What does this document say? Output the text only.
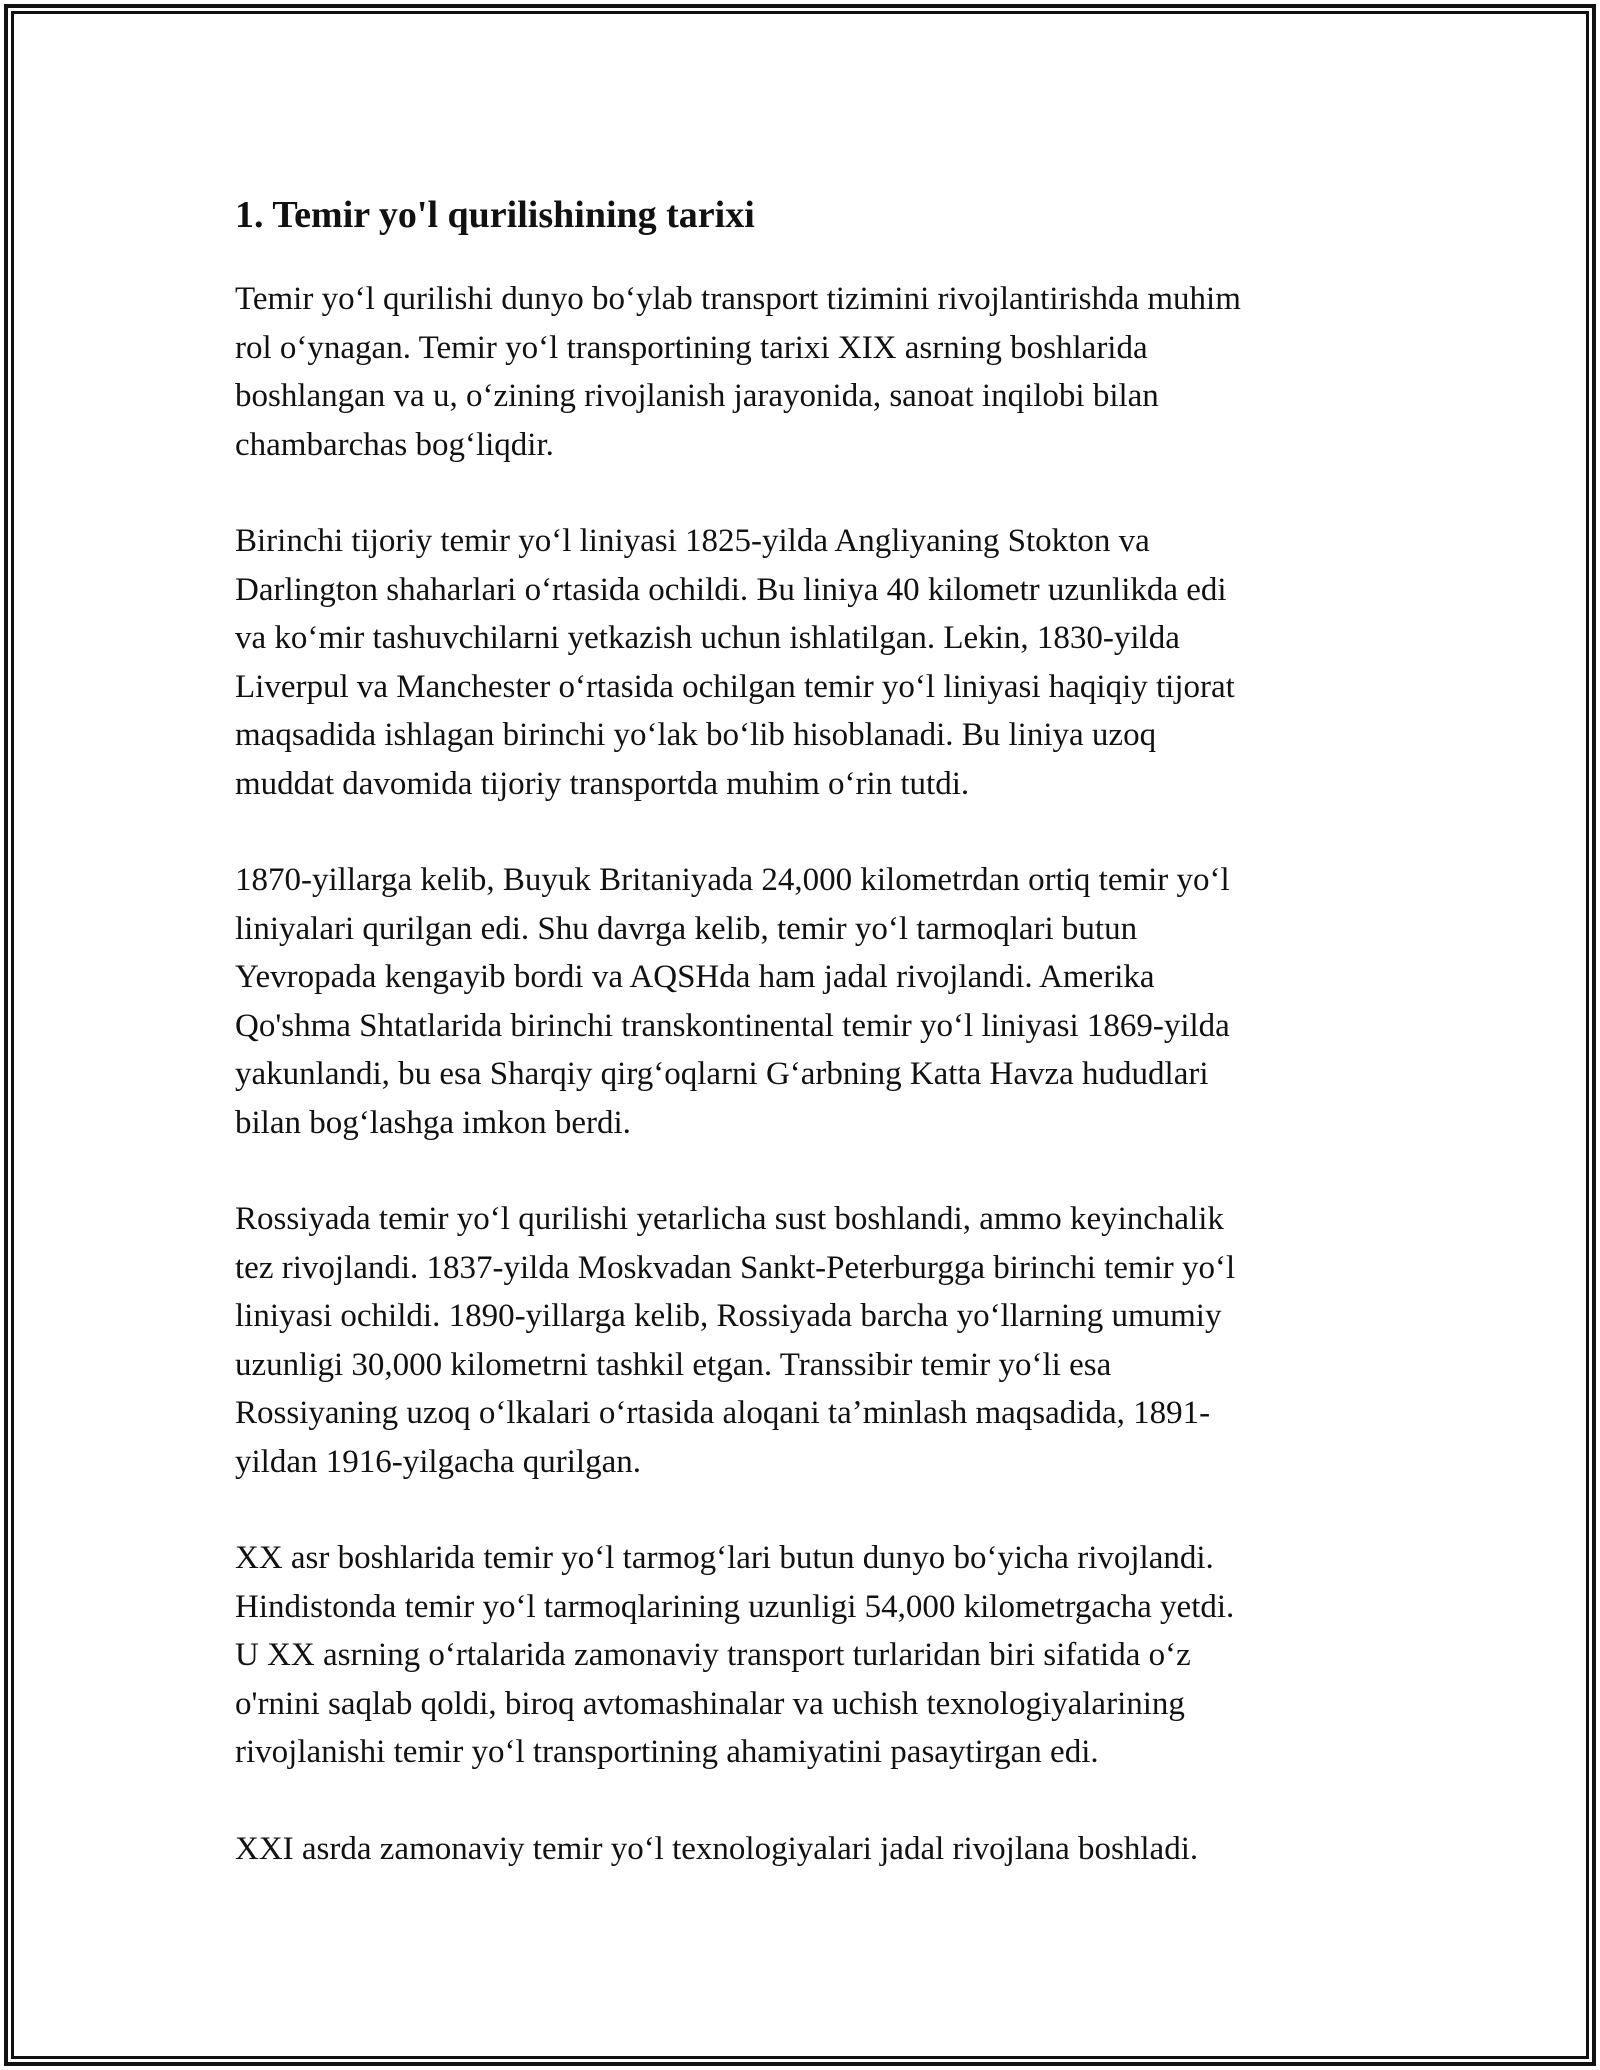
1. Temir yo'l qurilishining tarixi

Temir yoʻl qurilishi dunyo boʻylab transport tizimini rivojlantirishda muhim
rol oʻynagan. Temir yoʻl transportining tarixi XIX asrning boshlarida
boshlangan va u, oʻzining rivojlanish jarayonida, sanoat inqilobi bilan
chambarchas bogʻliqdir.

Birinchi tijoriy temir yoʻl liniyasi 1825-yilda Angliyaning Stokton va
Darlington shaharlari oʻrtasida ochildi. Bu liniya 40 kilometr uzunlikda edi
va koʻmir tashuvchilarni yetkazish uchun ishlatilgan. Lekin, 1830-yilda
Liverpul va Manchester oʻrtasida ochilgan temir yoʻl liniyasi haqiqiy tijorat
maqsadida ishlagan birinchi yoʻlak boʻlib hisoblanadi. Bu liniya uzoq
muddat davomida tijoriy transportda muhim oʻrin tutdi.

1870-yillarga kelib, Buyuk Britaniyada 24,000 kilometrdan ortiq temir yoʻl
liniyalari qurilgan edi. Shu davrga kelib, temir yoʻl tarmoqlari butun
Yevropada kengayib bordi va AQSHda ham jadal rivojlandi. Amerika
Qo'shma Shtatlarida birinchi transkontinental temir yoʻl liniyasi 1869-yilda
yakunlandi, bu esa Sharqiy qirgʻoqlarni Gʻarbning Katta Havza hududlari
bilan bogʻlashga imkon berdi.

Rossiyada temir yoʻl qurilishi yetarlicha sust boshlandi, ammo keyinchalik
tez rivojlandi. 1837-yilda Moskvadan Sankt-Peterburgga birinchi temir yoʻl
liniyasi ochildi. 1890-yillarga kelib, Rossiyada barcha yoʻllarning umumiy
uzunligi 30,000 kilometrni tashkil etgan. Transsibir temir yoʻli esa
Rossiyaning uzoq oʻlkalari oʻrtasida aloqani taʼminlash maqsadida, 1891-
yildan 1916-yilgacha qurilgan.

XX asr boshlarida temir yoʻl tarmogʻlari butun dunyo boʻyicha rivojlandi.
Hindistonda temir yoʻl tarmoqlarining uzunligi 54,000 kilometrgacha yetdi.
U XX asrning oʻrtalarida zamonaviy transport turlaridan biri sifatida oʻz
o'rnini saqlab qoldi, biroq avtomashinalar va uchish texnologiyalarining
rivojlanishi temir yoʻl transportining ahamiyatini pasaytirgan edi.

XXI asrda zamonaviy temir yoʻl texnologiyalari jadal rivojlana boshladi.
